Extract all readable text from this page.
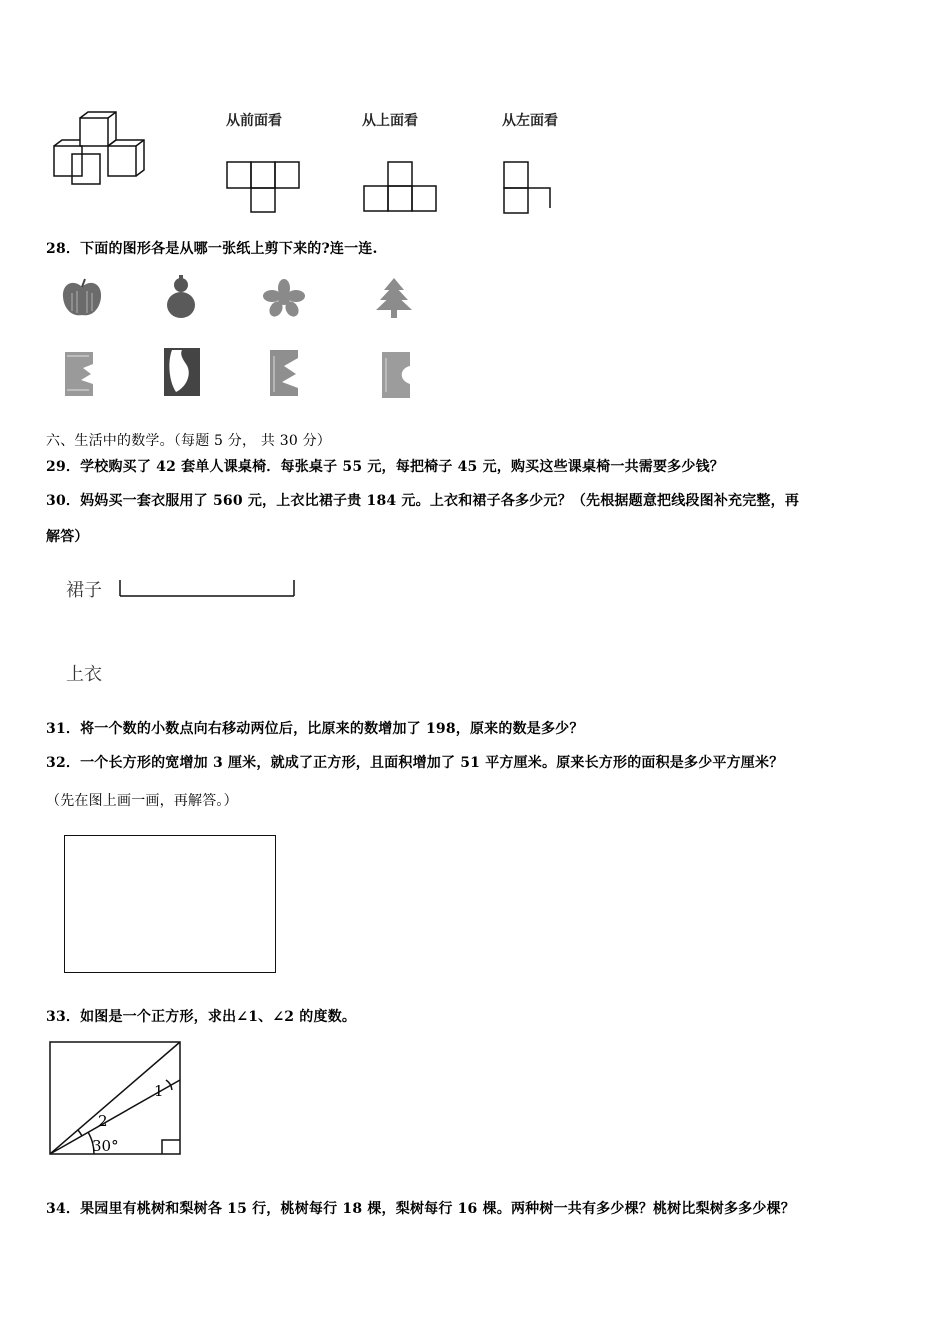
从前面看	从上面看	从左面看
28．下面的图形各是从哪一张纸上剪下来的?连一连.
六、生活中的数学。（每题 5 分， 共 30 分）
29．学校购买了 42 套单人课桌椅．每张桌子 55 元，每把椅子 45 元，购买这些课桌椅一共需要多少钱？
30．妈妈买一套衣服用了 560 元，上衣比裙子贵 184 元。上衣和裙子各多少元？（先根据题意把线段图补充完整，再
解答）
裙子
上衣
31．将一个数的小数点向右移动两位后，比原来的数增加了 198，原来的数是多少？
32．一个长方形的宽增加 3 厘米，就成了正方形，且面积增加了 51 平方厘米。原来长方形的面积是多少平方厘米？
（先在图上画一画，再解答。）
33．如图是一个正方形，求出∠1、∠2 的度数。
1
2
30°
34．果园里有桃树和梨树各 15 行，桃树每行 18 棵，梨树每行 16 棵。两种树一共有多少棵？桃树比梨树多多少棵？
